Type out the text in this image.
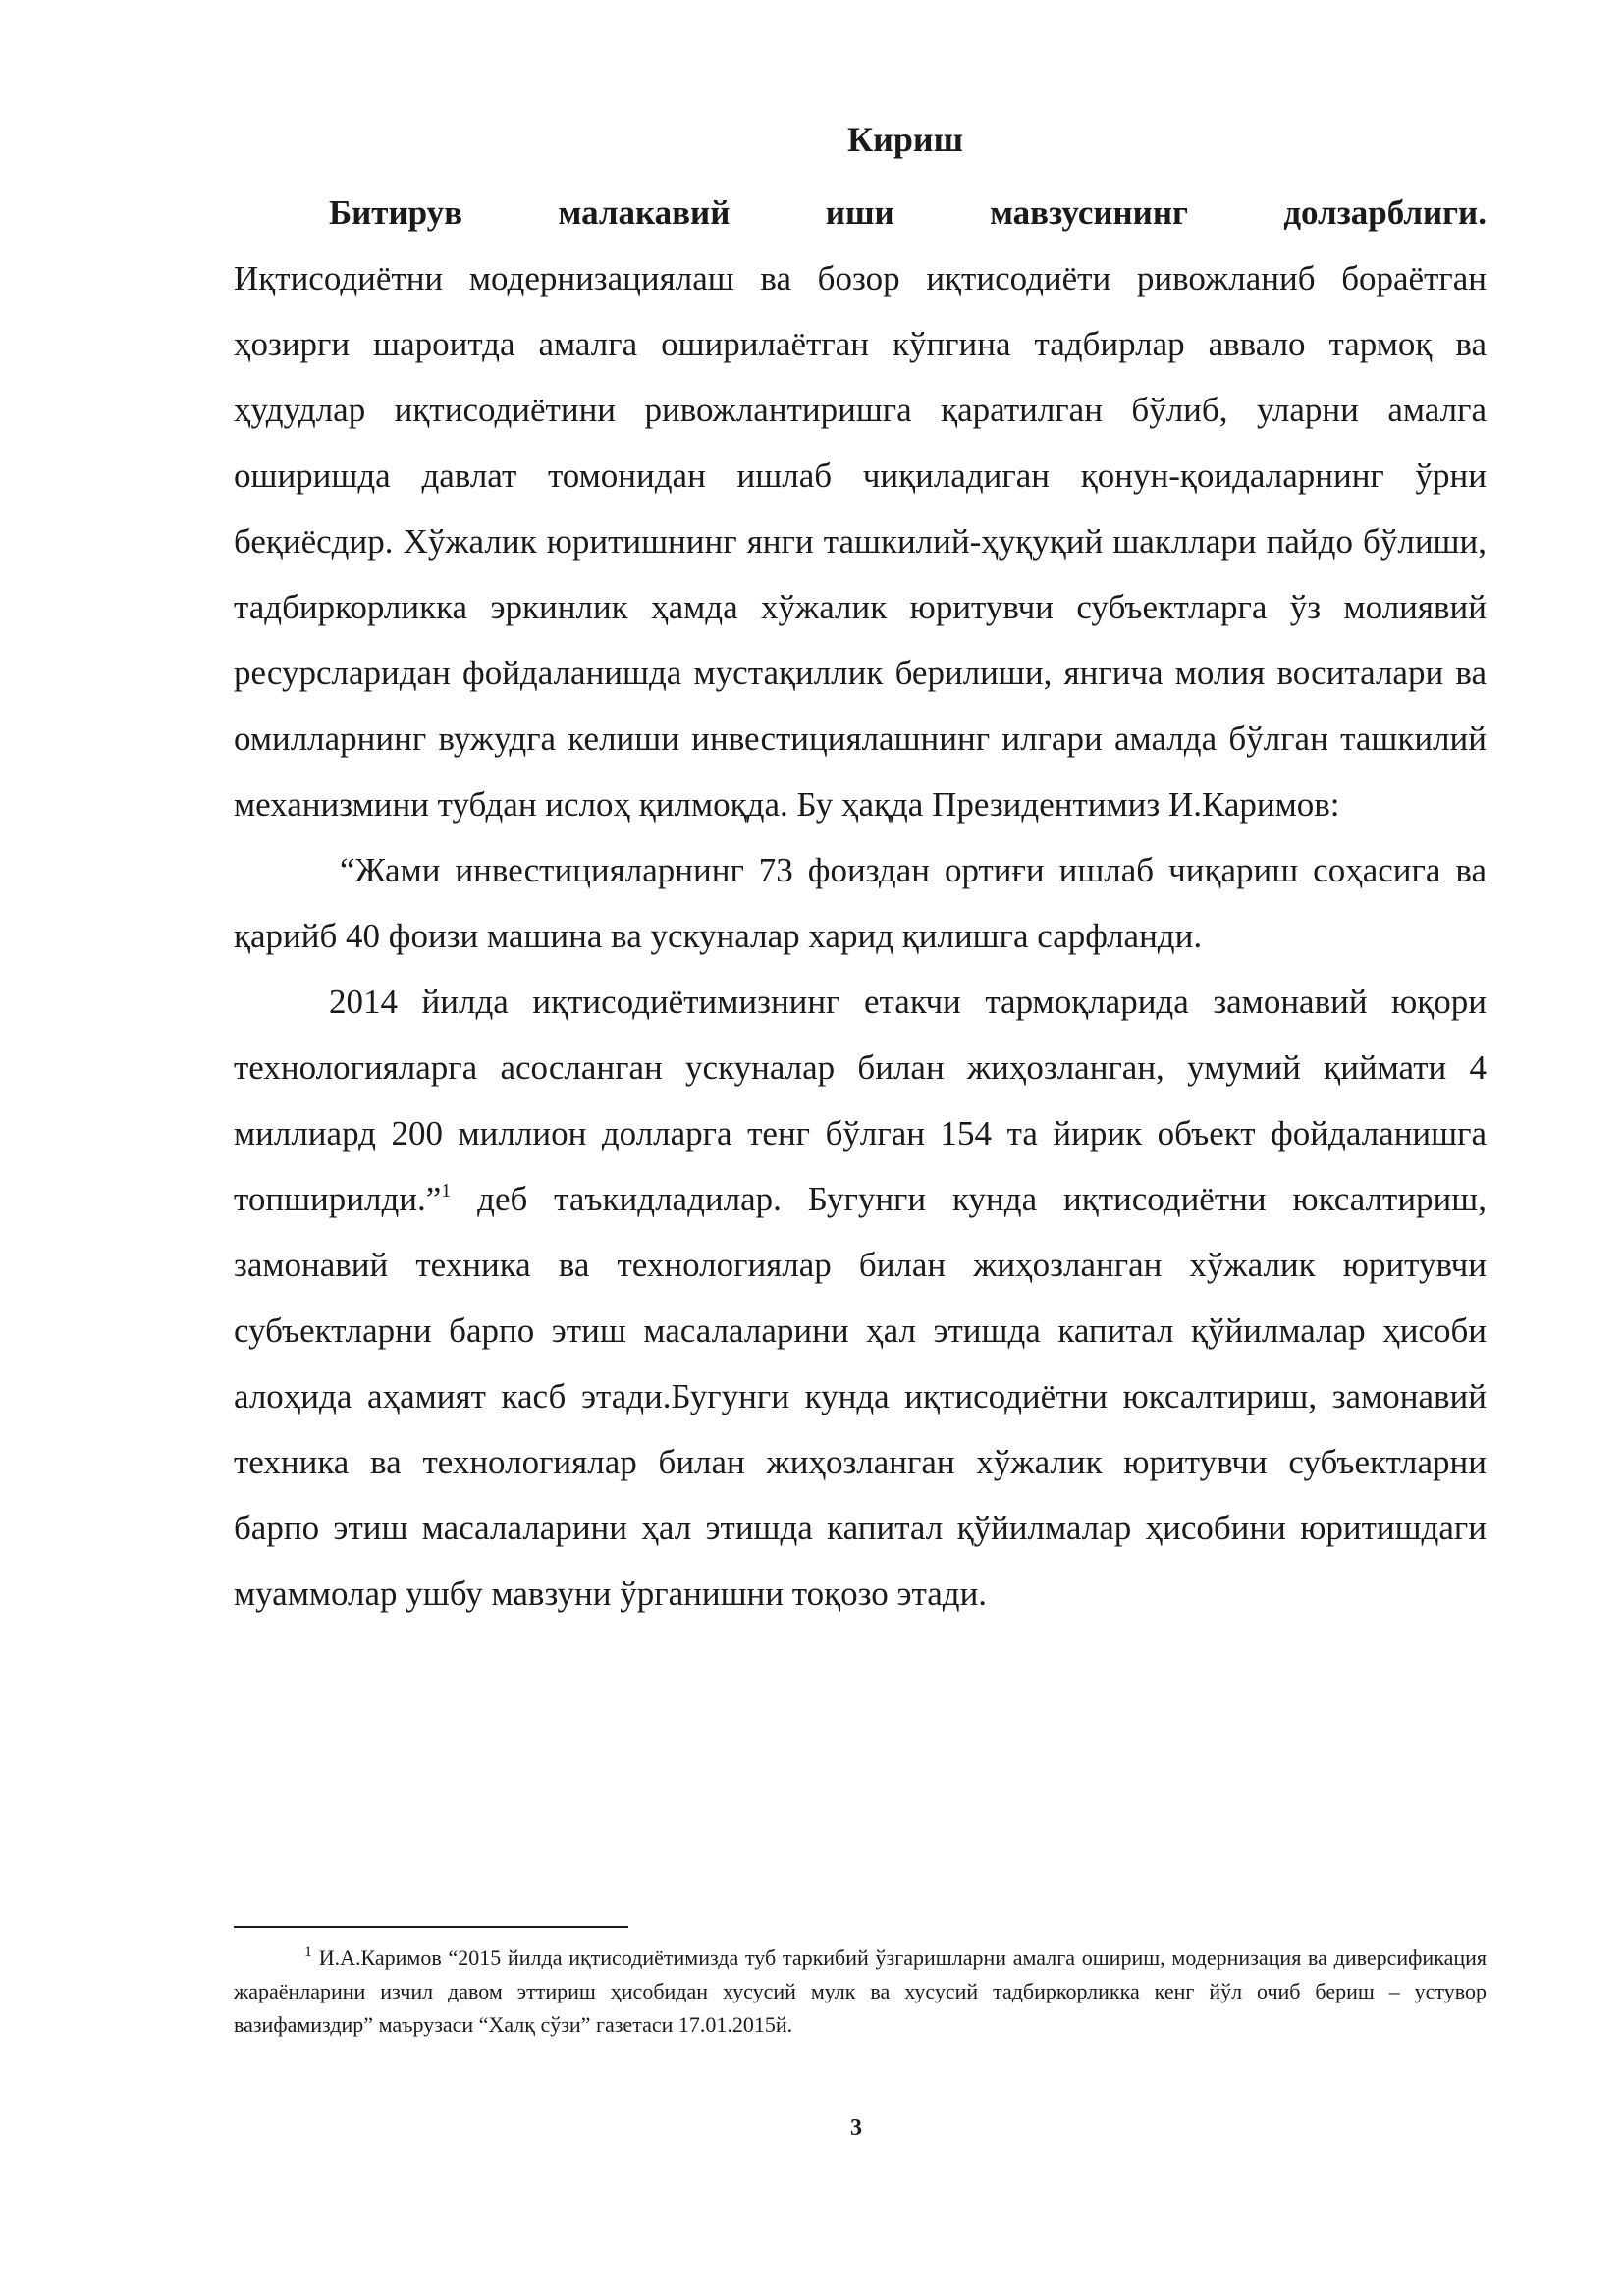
Кириш

Битирув	малакавий	иши	мавзусининг	долзарблиги.

Иқтисодиётни модернизациялаш ва бозор иқтисодиёти ривожланиб бораётган ҳозирги шароитда амалга оширилаётган кўпгина тадбирлар аввало тармоқ ва ҳудудлар иқтисодиётини ривожлантиришга қаратилган бўлиб, уларни амалга оширишда давлат томонидан ишлаб чиқиладиган қонун-қоидаларнинг ўрни беқиёсдир. Хўжалик юритишнинг янги ташкилий-ҳуқуқий шакллари пайдо бўлиши, тадбиркорликка эркинлик ҳамда хўжалик юритувчи субъектларга ўз молиявий ресурсларидан фойдаланишда мустақиллик берилиши, янгича молия воситалари ва омилларнинг вужудга келиши инвестициялашнинг илгари амалда бўлган ташкилий механизмини тубдан ислоҳ қилмоқда. Бу ҳақда Президентимиз И.Каримов:

“Жами инвестицияларнинг 73 фоиздан ортиғи ишлаб чиқариш соҳасига ва қарийб 40 фоизи машина ва ускуналар харид қилишга сарфланди.

2014 йилда иқтисодиётимизнинг етакчи тармоқларида замонавий юқори технологияларга асосланган ускуналар билан жиҳозланган, умумий қиймати 4 миллиард 200 миллион долларга тенг бўлган 154 та йирик объект фойдаланишга топширилди.”$^1$ деб таъкидладилар. Бугунги кунда иқтисодиётни юксалтириш, замонавий техника ва технологиялар билан жиҳозланган хўжалик юритувчи субъектларни барпо этиш масалаларини ҳал этишда капитал қўйилмалар ҳисоби алоҳида аҳамият касб этади.Бугунги кунда иқтисодиётни юксалтириш, замонавий техника ва технологиялар билан жиҳозланган хўжалик юритувчи субъектларни барпо этиш масалаларини ҳал этишда капитал қўйилмалар ҳисобини юритишдаги муаммолар ушбу мавзуни ўрганишни тоқозо этади.

$^1$ И.А.Каримов “2015 йилда иқтисодиётимизда туб таркибий ўзгаришларни амалга ошириш, модернизация ва диверсификация жараёнларини изчил давом эттириш ҳисобидан хусусий мулк ва хусусий тадбиркорликка кенг йўл очиб бериш – устувор вазифамиздир” маърузаси “Халқ сўзи” газетаси 17.01.2015й.
3
